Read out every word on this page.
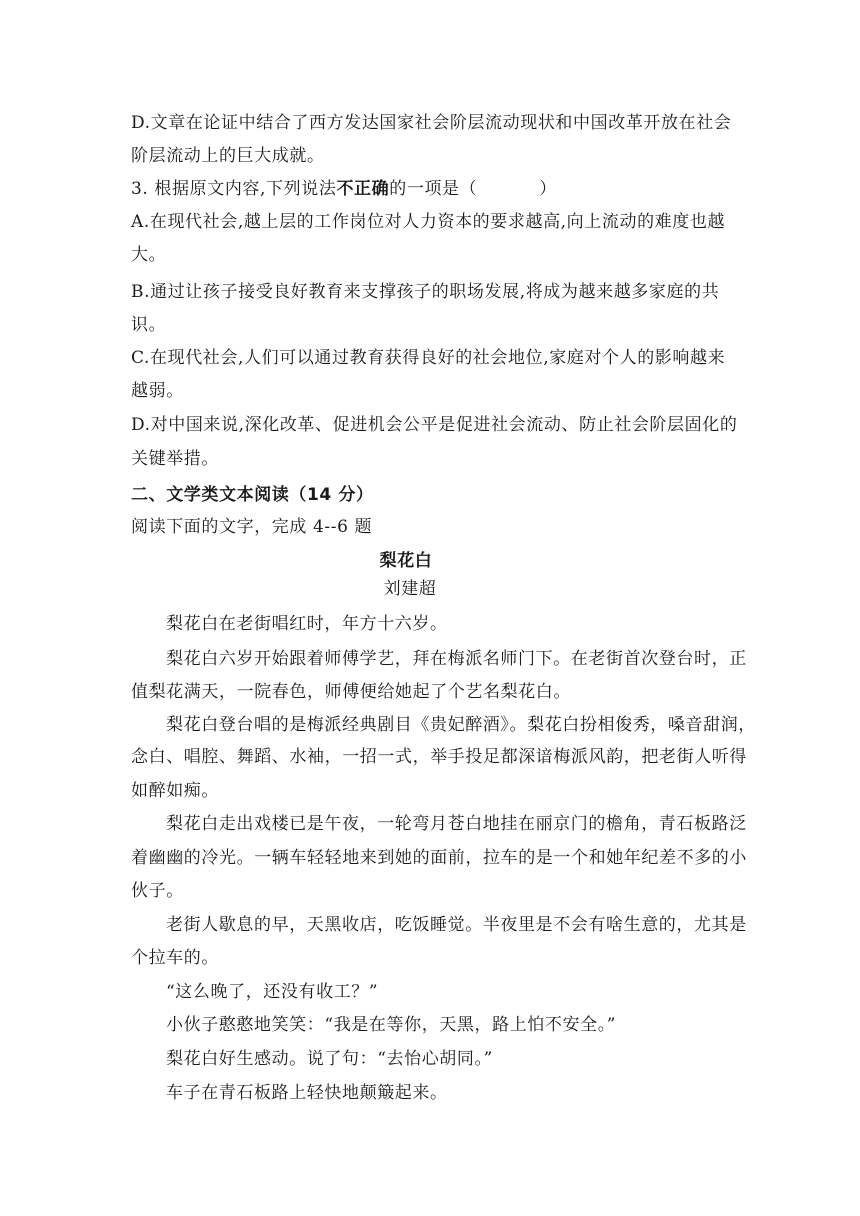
D.文章在论证中结合了西方发达国家社会阶层流动现状和中国改革开放在社会
阶层流动上的巨大成就。
3. 根据原文内容,下列说法不正确的一项是（	）
A.在现代社会,越上层的工作岗位对人力资本的要求越高,向上流动的难度也越
大。
B.通过让孩子接受良好教育来支撑孩子的职场发展,将成为越来越多家庭的共
识。
C.在现代社会,人们可以通过教育获得良好的社会地位,家庭对个人的影响越来
越弱。
D.对中国来说,深化改革、促进机会公平是促进社会流动、防止社会阶层固化的
关键举措。
二、文学类文本阅读（14 分）
阅读下面的文字，完成 4--6 题
梨花白
刘建超
梨花白在老街唱红时，年方十六岁。
梨花白六岁开始跟着师傅学艺，拜在梅派名师门下。在老街首次登台时，正
值梨花满天，一院春色，师傅便给她起了个艺名梨花白。
梨花白登台唱的是梅派经典剧目《贵妃醉酒》。梨花白扮相俊秀，嗓音甜润，
念白、唱腔、舞蹈、水袖，一招一式，举手投足都深谙梅派风韵，把老街人听得
如醉如痴。
梨花白走出戏楼已是午夜，一轮弯月苍白地挂在丽京门的檐角，青石板路泛
着幽幽的冷光。一辆车轻轻地来到她的面前，拉车的是一个和她年纪差不多的小
伙子。
老街人歇息的早，天黑收店，吃饭睡觉。半夜里是不会有啥生意的，尤其是
个拉车的。
“这么晚了，还没有收工？”
小伙子憨憨地笑笑：“我是在等你，天黑，路上怕不安全。”
梨花白好生感动。说了句：“去怡心胡同。”
车子在青石板路上轻快地颠簸起来。
